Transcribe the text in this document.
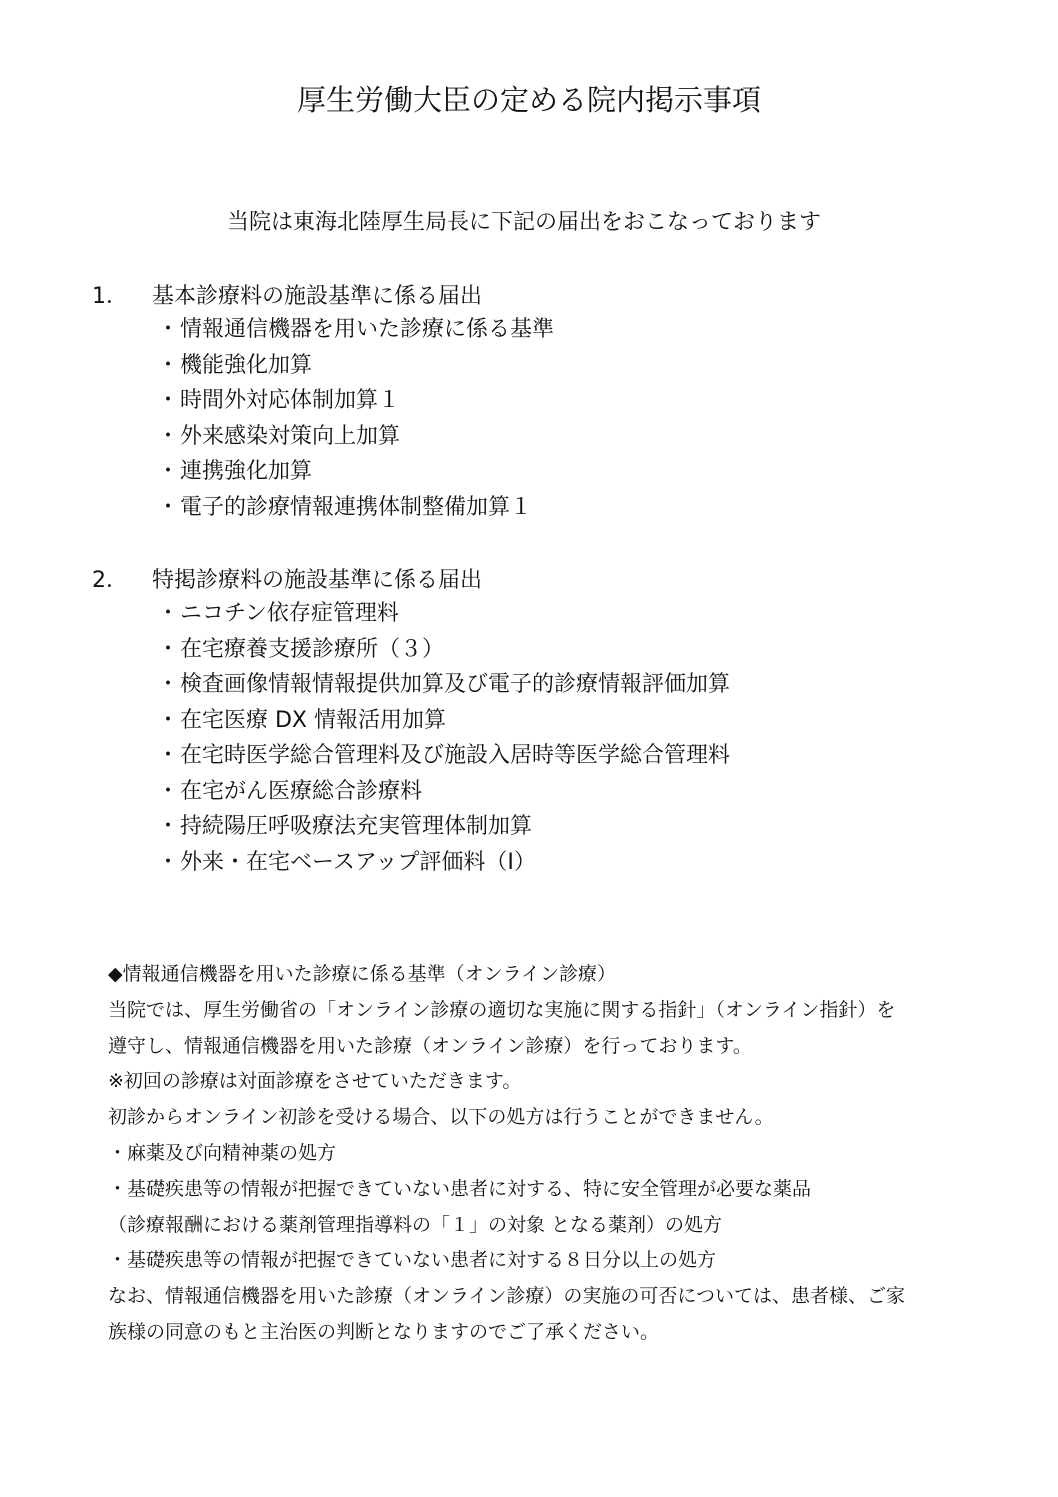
厚生労働大臣の定める院内掲示事項

当院は東海北陸厚生局長に下記の届出をおこなっております

1．	基本診療料の施設基準に係る届出
・ 情報通信機器を用いた診療に係る基準
・ 機能強化加算
・ 時間外対応体制加算１
・ 外来感染対策向上加算
・ 連携強化加算
・ 電子的診療情報連携体制整備加算１
2．	特掲診療料の施設基準に係る届出
・ ニコチン依存症管理料
・ 在宅療養支援診療所（３）
・ 検査画像情報情報提供加算及び電子的診療情報評価加算
・ 在宅医療 DX 情報活用加算
・ 在宅時医学総合管理料及び施設入居時等医学総合管理料
・ 在宅がん医療総合診療料
・ 持続陽圧呼吸療法充実管理体制加算
・ 外来・在宅ベースアップ評価料（Ⅰ）
◆情報通信機器を用いた診療に係る基準（オンライン診療）
当院では、厚生労働省の「オンライン診療の適切な実施に関する指針」（オンライン指針）を
遵守し、情報通信機器を用いた診療（オンライン診療）を行っております。
※初回の診療は対面診療をさせていただきます。
初診からオンライン初診を受ける場合、以下の処方は行うことができません。
・麻薬及び向精神薬の処方
・基礎疾患等の情報が把握できていない患者に対する、特に安全管理が必要な薬品
（診療報酬における薬剤管理指導料の「１」の対象 となる薬剤）の処方
・基礎疾患等の情報が把握できていない患者に対する８日分以上の処方
なお、情報通信機器を用いた診療（オンライン診療）の実施の可否については、患者様、ご家
族様の同意のもと主治医の判断となりますのでご了承ください。
